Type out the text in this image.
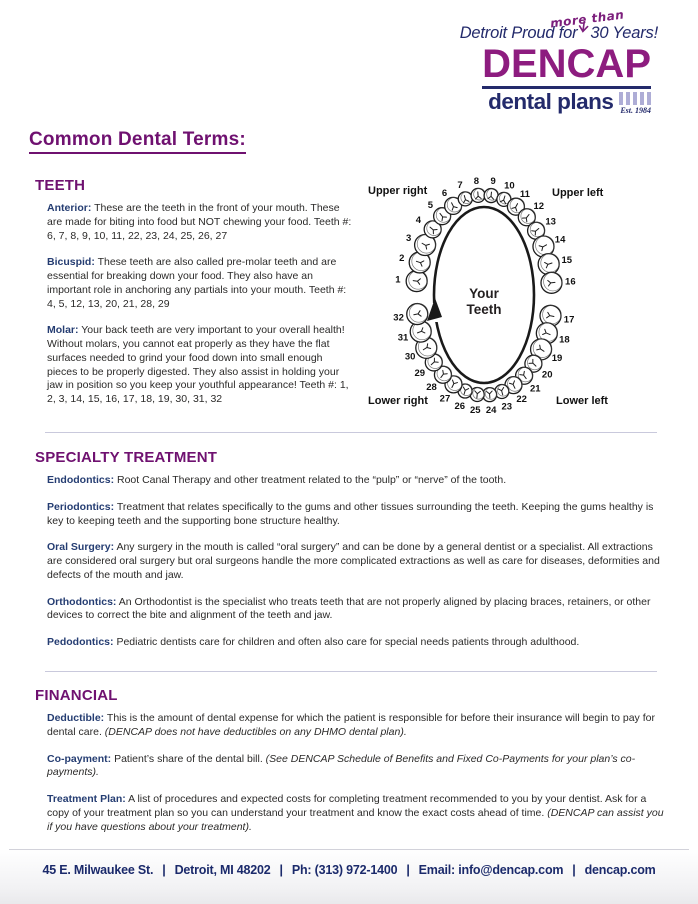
more than
Detroit Proud for 30 Years!
DENCAP
dental plans Est. 1984
Common Dental Terms:
TEETH

Anterior: These are the teeth in the front of your mouth. These are made for biting into food but NOT chewing your food. Teeth #: 6, 7, 8, 9, 10, 11, 22, 23, 24, 25, 26, 27

Bicuspid: These teeth are also called pre-molar teeth and are essential for breaking down your food. They also have an important role in anchoring any partials into your mouth. Teeth #: 4, 5, 12, 13, 20, 21, 28, 29

Molar: Your back teeth are very important to your overall health! Without molars, you cannot eat properly as they have the flat surfaces needed to grind your food down into small enough pieces to be properly digested. They also assist in holding your jaw in position so you keep your youthful appearance! Teeth #: 1, 2, 3, 14, 15, 16, 17, 18, 19, 30, 31, 32

Your
Teeth
1
2
3
4
5
6
7 8 9 10
11
12
13
14
15
16
17
18
19
20
21
22
23
24
25
26
27
28
29
30
31
32
Upper right	Upper left
Lower right	Lower left
SPECIALTY TREATMENT

Endodontics: Root Canal Therapy and other treatment related to the “pulp” or “nerve” of the tooth.

Periodontics: Treatment that relates specifically to the gums and other tissues surrounding the teeth. Keeping the gums healthy is key to keeping teeth and the supporting bone structure healthy.

Oral Surgery: Any surgery in the mouth is called “oral surgery” and can be done by a general dentist or a specialist. All extractions are considered oral surgery but oral surgeons handle the more complicated extractions as well as care for diseases, deformities and defects of the mouth and jaw.

Orthodontics: An Orthodontist is the specialist who treats teeth that are not properly aligned by placing braces, retainers, or other devices to correct the bite and alignment of the teeth and jaw.

Pedodontics: Pediatric dentists care for children and often also care for special needs patients through adulthood.

FINANCIAL

Deductible: This is the amount of dental expense for which the patient is responsible for before their insurance will begin to pay for dental care. (DENCAP does not have deductibles on any DHMO dental plan).

Co-payment: Patient’s share of the dental bill. (See DENCAP Schedule of Benefits and Fixed Co-Payments for your plan’s co-payments).

Treatment Plan: A list of procedures and expected costs for completing treatment recommended to you by your dentist. Ask for a copy of your treatment plan so you can understand your treatment and know the exact costs ahead of time. (DENCAP can assist you if you have questions about your treatment).

45 E. Milwaukee St. | Detroit, MI 48202 | Ph: (313) 972-1400 | Email: info@dencap.com | dencap.com
